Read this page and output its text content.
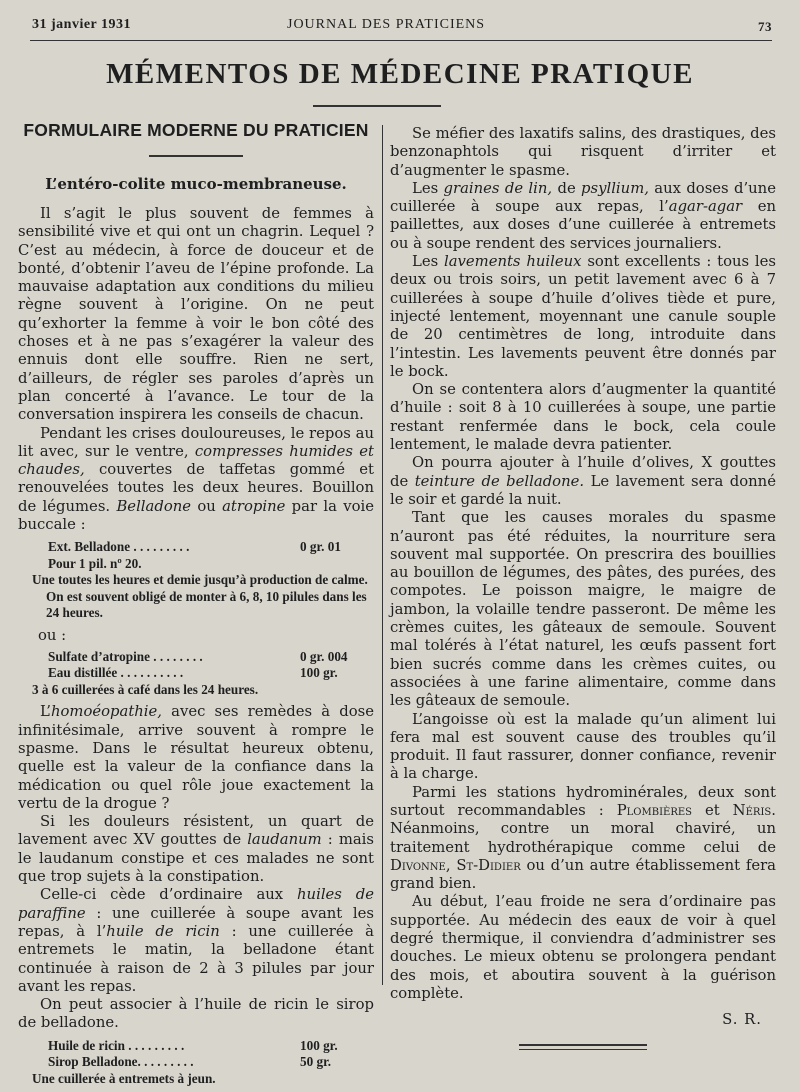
31 janvier 1931	JOURNAL DES PRATICIENS	73
MÉMENTOS DE MÉDECINE PRATIQUE
FORMULAIRE MODERNE DU PRATICIEN
L’entéro-colite muco-membraneuse.

Il s’agit le plus souvent de femmes à sensibilité vive et qui ont un chagrin. Lequel ? C’est au médecin, à force de douceur et de bonté, d’obtenir l’aveu de l’épine profonde. La mauvaise adaptation aux conditions du milieu règne souvent à l’origine. On ne peut qu’exhorter la femme à voir le bon côté des choses et à ne pas s’exagérer la valeur des ennuis dont elle souffre. Rien ne sert, d’ailleurs, de régler ses paroles d’après un plan concerté à l’avance. Le tour de la conversation inspirera les conseils de chacun.

Pendant les crises douloureuses, le repos au lit avec, sur le ventre, compresses humides et chaudes, couvertes de taffetas gommé et renouvelées toutes les deux heures. Bouillon de légumes. Belladone ou atropine par la voie buccale :

Ext. Belladone . . . . . . . . .	0 gr. 01
Pour 1 pil. nº 20.
Une toutes les heures et demie jusqu’à production de calme. On est souvent obligé de monter à 6, 8, 10 pilules dans les 24 heures.
ou :
Sulfate d’atropine . . . . . . . .	0 gr. 004
Eau distillée . . . . . . . . . .	100 gr.
3 à 6 cuillerées à café dans les 24 heures.

L’homoéopathie, avec ses remèdes à dose infinitésimale, arrive souvent à rompre le spasme. Dans le résultat heureux obtenu, quelle est la valeur de la confiance dans la médication ou quel rôle joue exactement la vertu de la drogue ?

Si les douleurs résistent, un quart de lavement avec XV gouttes de laudanum : mais le laudanum constipe et ces malades ne sont que trop sujets à la constipation.

Celle-ci cède d’ordinaire aux huiles de paraffine : une cuillerée à soupe avant les repas, à l’huile de ricin : une cuillerée à entremets le matin, la belladone étant continuée à raison de 2 à 3 pilules par jour avant les repas.

On peut associer à l’huile de ricin le sirop de belladone.

Huile de ricin . . . . . . . . .	100 gr.
Sirop Belladone. . . . . . . . .	50 gr.
Une cuillerée à entremets à jeun.

Se méfier des laxatifs salins, des drastiques, des benzonaphtols qui risquent d’irriter et d’augmenter le spasme.

Les graines de lin, de psyllium, aux doses d’une cuillerée à soupe aux repas, l’agar-agar en paillettes, aux doses d’une cuillerée à entremets ou à soupe rendent des services journaliers.

Les lavements huileux sont excellents : tous les deux ou trois soirs, un petit lavement avec 6 à 7 cuillerées à soupe d’huile d’olives tiède et pure, injecté lentement, moyennant une canule souple de 20 centimètres de long, introduite dans l’intestin. Les lavements peuvent être donnés par le bock.

On se contentera alors d’augmenter la quantité d’huile : soit 8 à 10 cuillerées à soupe, une partie restant renfermée dans le bock, cela coule lentement, le malade devra patienter.

On pourra ajouter à l’huile d’olives, X gouttes de teinture de belladone. Le lavement sera donné le soir et gardé la nuit.

Tant que les causes morales du spasme n’auront pas été réduites, la nourriture sera souvent mal supportée. On prescrira des bouillies au bouillon de légumes, des pâtes, des purées, des compotes. Le poisson maigre, le maigre de jambon, la volaille tendre passeront. De même les crèmes cuites, les gâteaux de semoule. Souvent mal tolérés à l’état naturel, les œufs passent fort bien sucrés comme dans les crèmes cuites, ou associées à une farine alimentaire, comme dans les gâteaux de semoule.

L’angoisse où est la malade qu’un aliment lui fera mal est souvent cause des troubles qu’il produit. Il faut rassurer, donner confiance, revenir à la charge.

Parmi les stations hydrominérales, deux sont surtout recommandables : Plombières et Néris. Néanmoins, contre un moral chaviré, un traitement hydrothérapique comme celui de Divonne, St-Didier ou d’un autre établissement fera grand bien.

Au début, l’eau froide ne sera d’ordinaire pas supportée. Au médecin des eaux de voir à quel degré thermique, il conviendra d’administrer ses douches. Le mieux obtenu se prolongera pendant des mois, et aboutira souvent à la guérison complète.

S. R.
